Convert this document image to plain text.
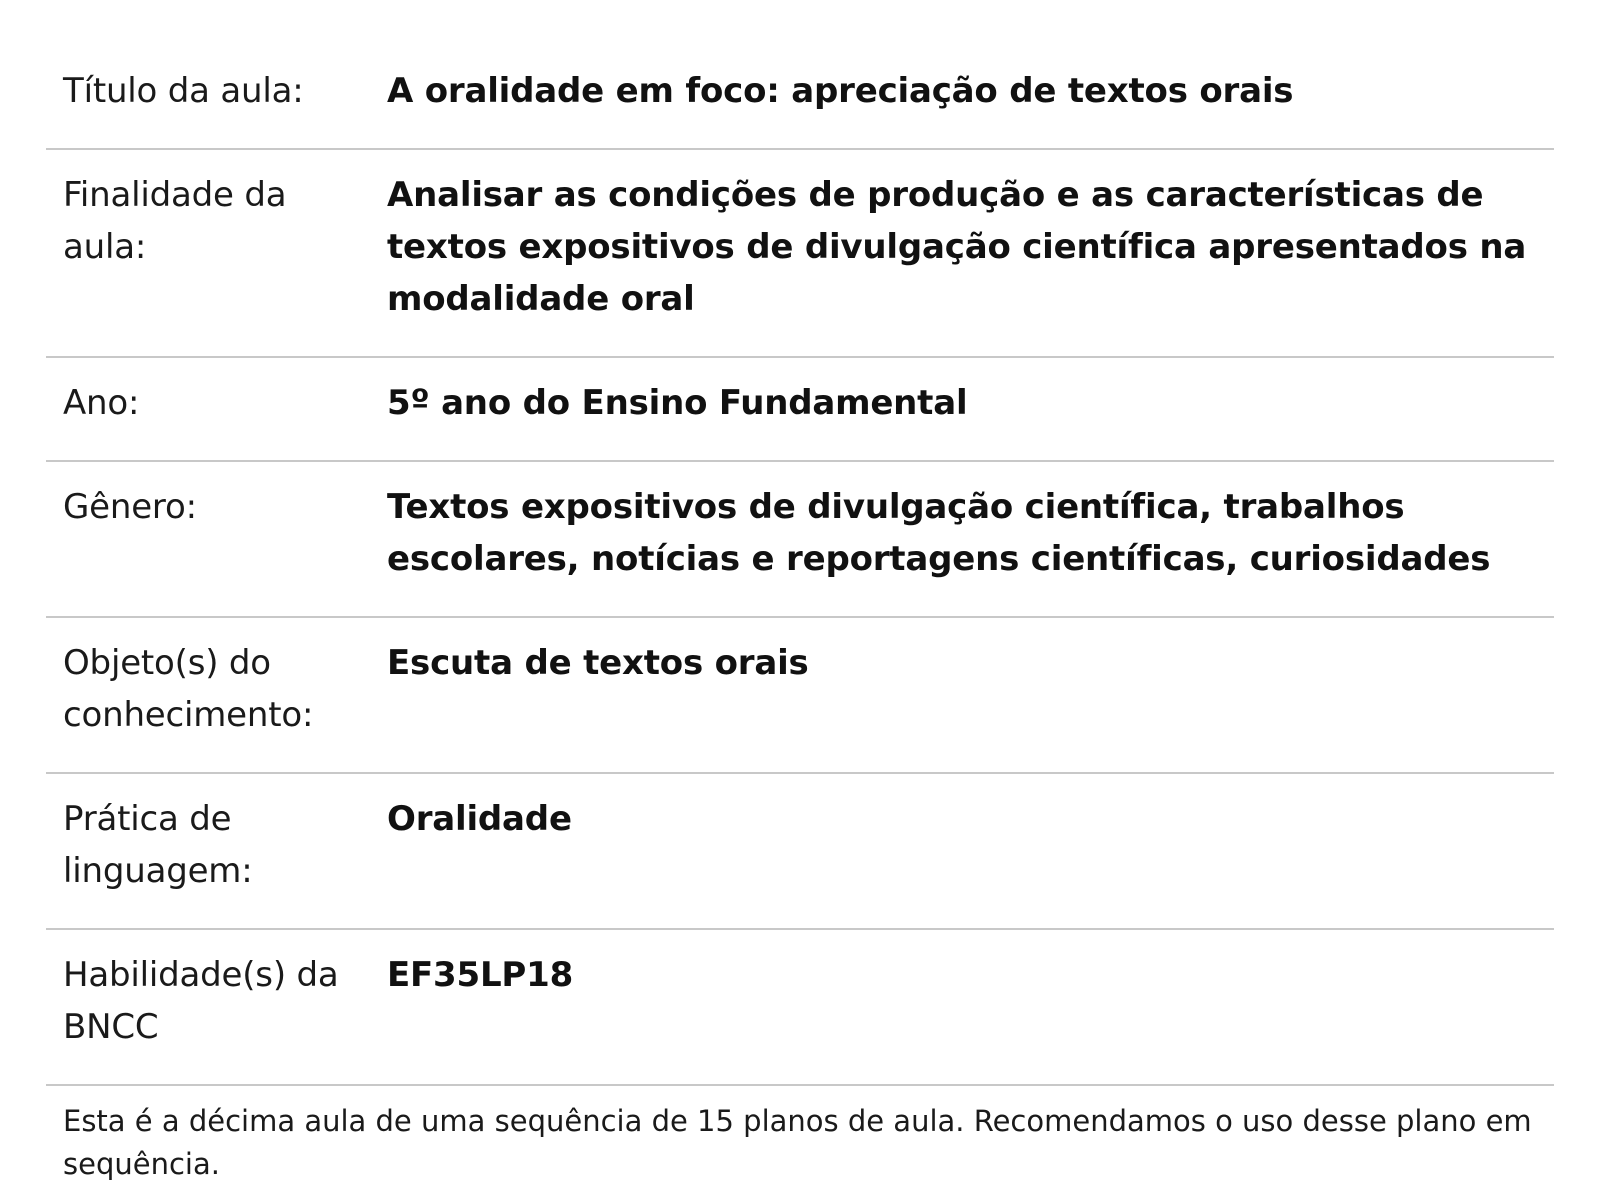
Título da aula:	A oralidade em foco: apreciação de textos orais
Finalidade da aula:	Analisar as condições de produção e as características de textos expositivos de divulgação científica apresentados na modalidade oral
Ano:	5º ano do Ensino Fundamental
Gênero:	Textos expositivos de divulgação científica, trabalhos escolares, notícias e reportagens científicas, curiosidades
Objeto(s) do conhecimento:	Escuta de textos orais
Prática de linguagem:	Oralidade
Habilidade(s) da BNCC	EF35LP18

Esta é a décima aula de uma sequência de 15 planos de aula. Recomendamos o uso desse plano em sequência.
